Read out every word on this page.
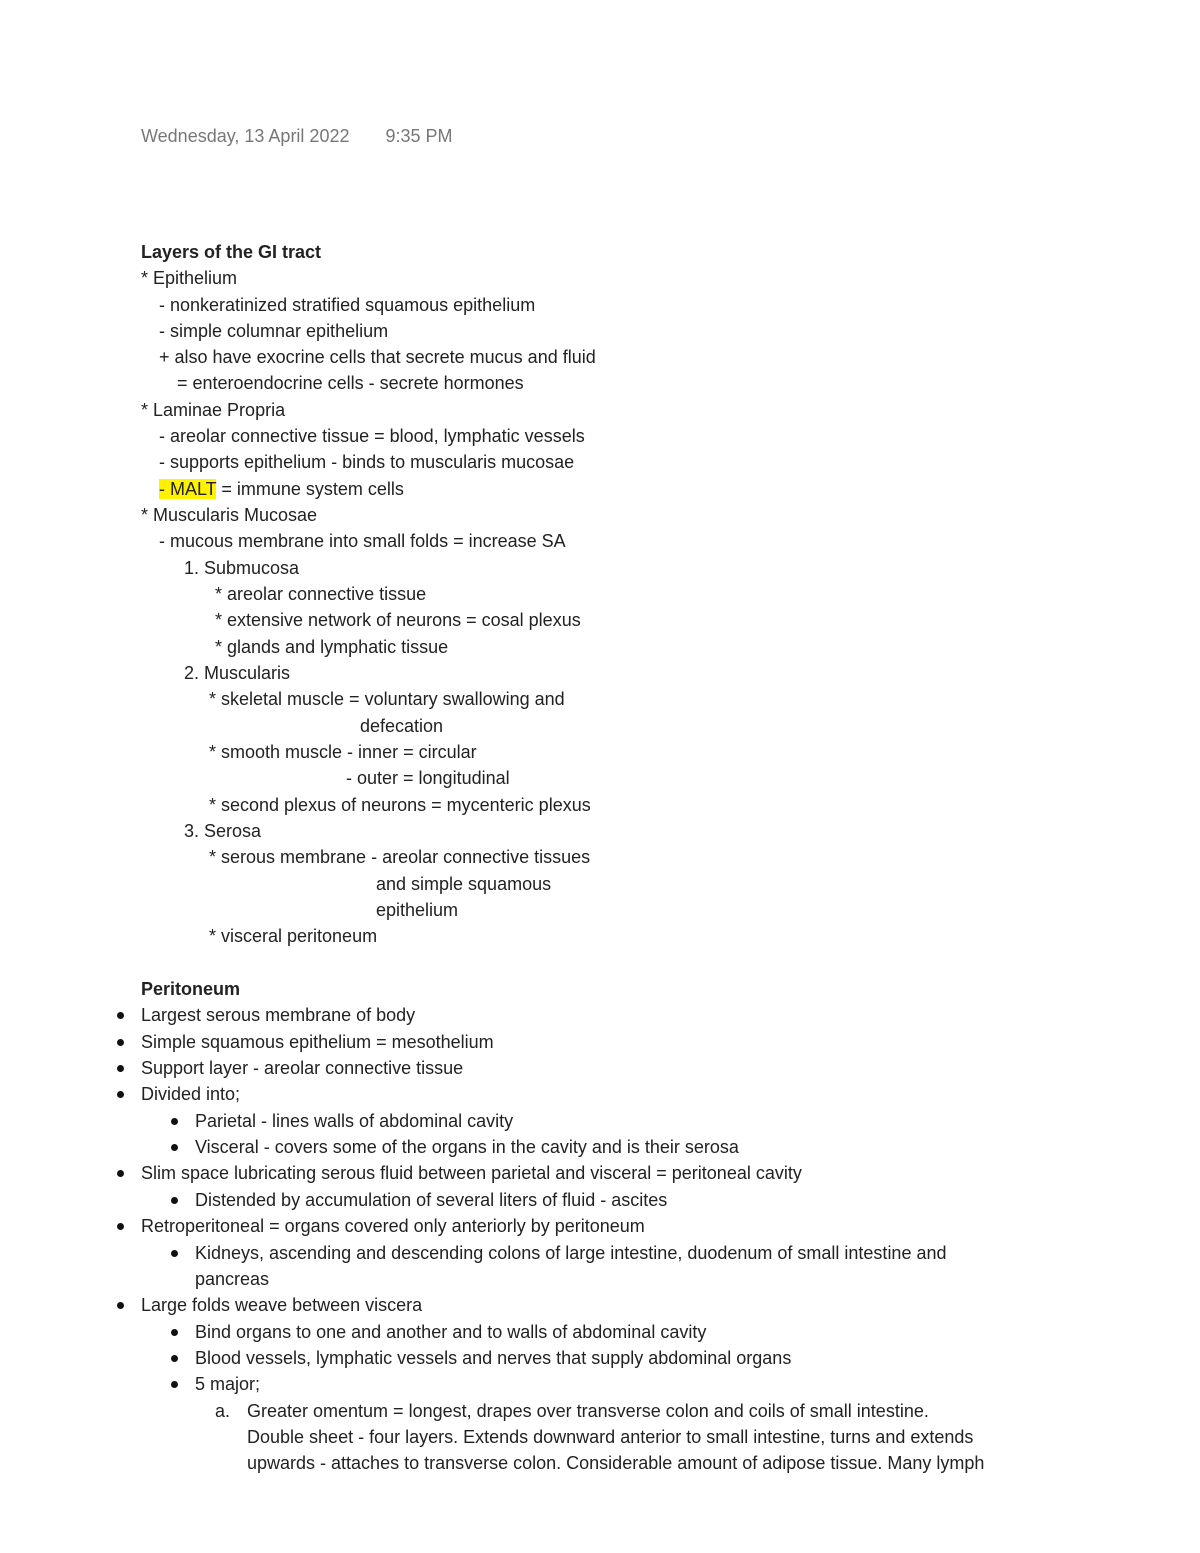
Wednesday, 13 April 2022 9:35 PM
Layers of the GI tract
* Epithelium
- nonkeratinized stratified squamous epithelium
- simple columnar epithelium
+ also have exocrine cells that secrete mucus and fluid
= enteroendocrine cells - secrete hormones
* Laminae Propria
- areolar connective tissue = blood, lymphatic vessels
- supports epithelium - binds to muscularis mucosae
- MALT = immune system cells
* Muscularis Mucosae
- mucous membrane into small folds = increase SA
1. Submucosa
* areolar connective tissue
* extensive network of neurons = cosal plexus
* glands and lymphatic tissue
2. Muscularis
* skeletal muscle = voluntary swallowing and
defecation
* smooth muscle - inner = circular
- outer = longitudinal
* second plexus of neurons = mycenteric plexus
3. Serosa
* serous membrane - areolar connective tissues
and simple squamous
epithelium
* visceral peritoneum
Peritoneum
Largest serous membrane of body
Simple squamous epithelium = mesothelium
Support layer - areolar connective tissue
Divided into;
Parietal - lines walls of abdominal cavity
Visceral - covers some of the organs in the cavity and is their serosa
Slim space lubricating serous fluid between parietal and visceral = peritoneal cavity
Distended by accumulation of several liters of fluid - ascites
Retroperitoneal = organs covered only anteriorly by peritoneum
Kidneys, ascending and descending colons of large intestine, duodenum of small intestine and
pancreas
Large folds weave between viscera
Bind organs to one and another and to walls of abdominal cavity
Blood vessels, lymphatic vessels and nerves that supply abdominal organs
5 major;
a. Greater omentum = longest, drapes over transverse colon and coils of small intestine.
Double sheet - four layers. Extends downward anterior to small intestine, turns and extends
upwards - attaches to transverse colon. Considerable amount of adipose tissue. Many lymph
